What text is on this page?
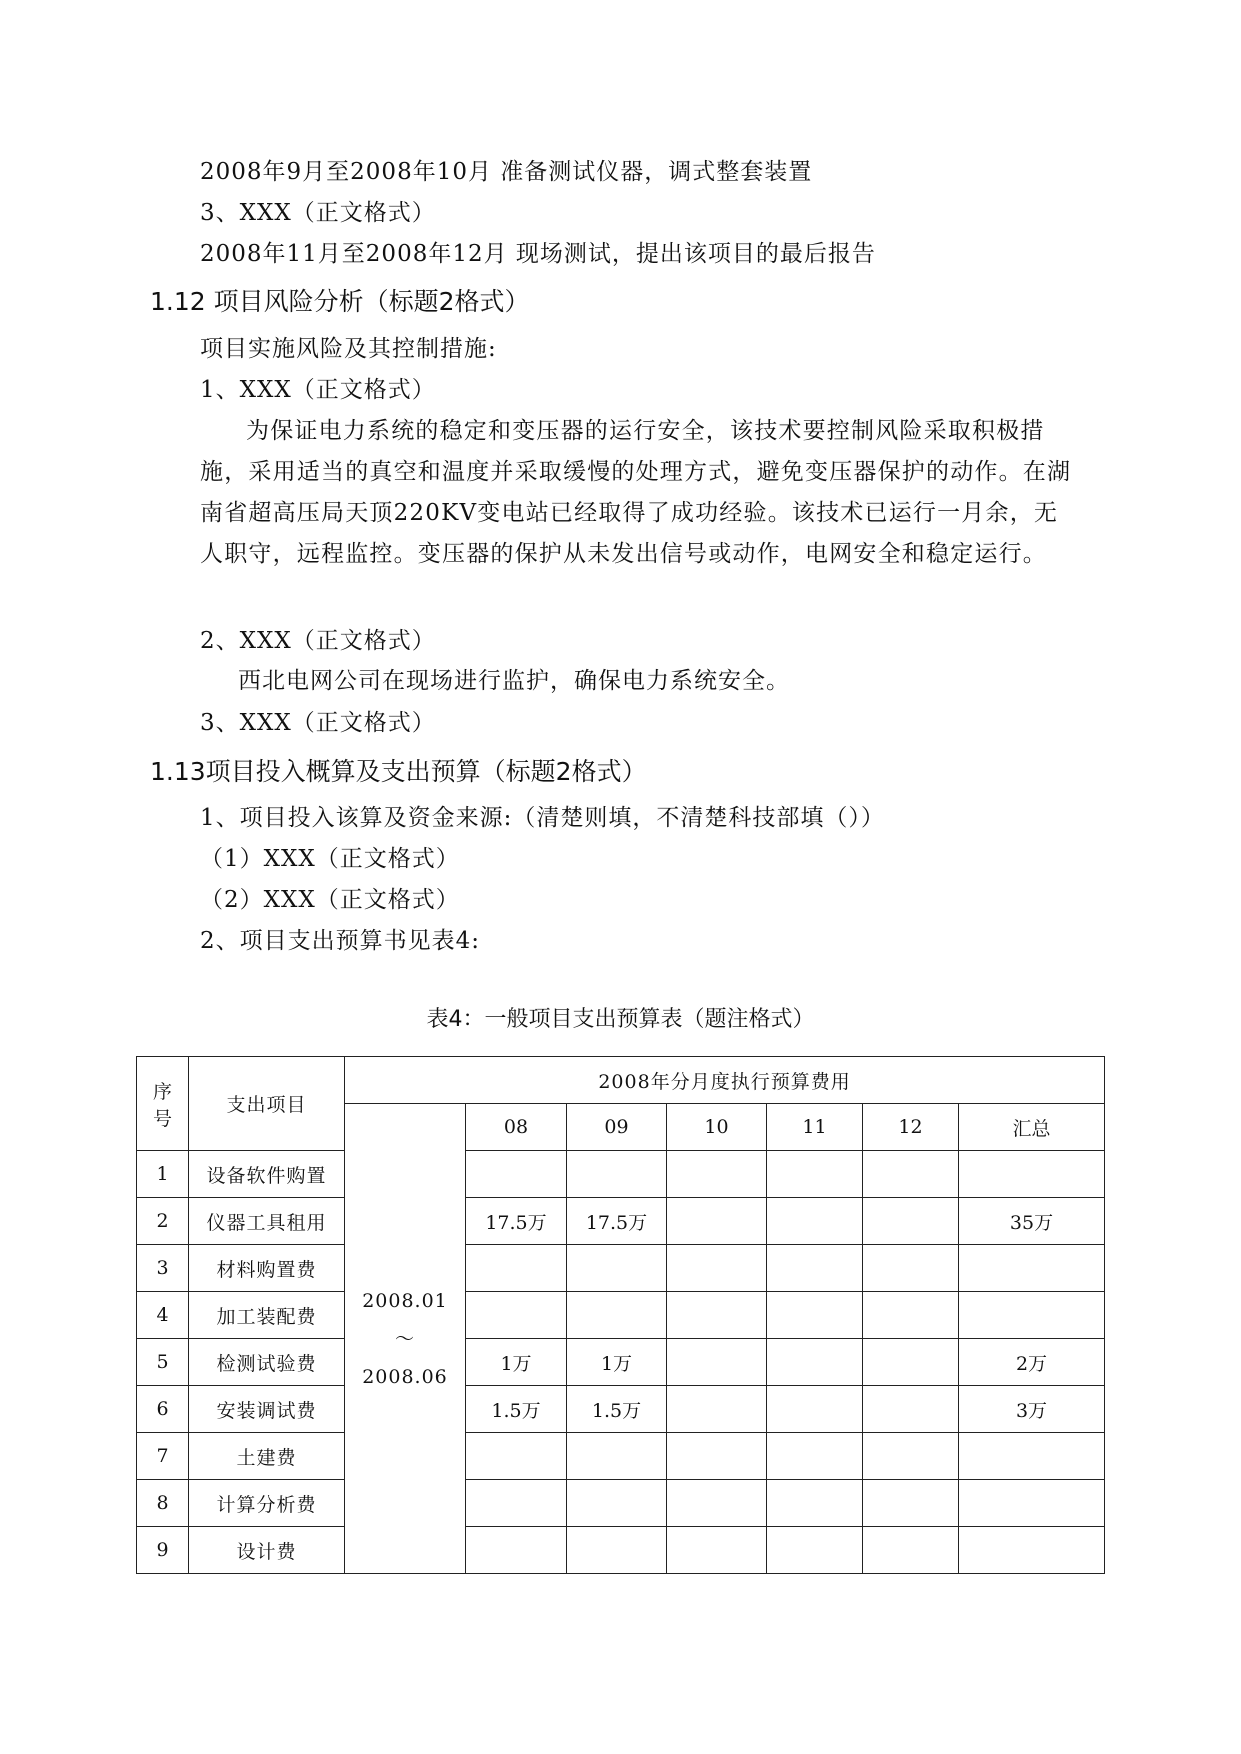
2008年9月至2008年10月 准备测试仪器，调式整套装置
3、XXX（正文格式）
2008年11月至2008年12月 现场测试，提出该项目的最后报告
1.12 项目风险分析（标题2格式）
项目实施风险及其控制措施:
1、XXX（正文格式）
为保证电力系统的稳定和变压器的运行安全，该技术要控制风险采取积极措施，采用适当的真空和温度并采取缓慢的处理方式，避免变压器保护的动作。在湖南省超高压局天顶220KV变电站已经取得了成功经验。该技术已运行一月余，无人职守，远程监控。变压器的保护从未发出信号或动作，电网安全和稳定运行。
2、XXX（正文格式）
西北电网公司在现场进行监护，确保电力系统安全。
3、XXX（正文格式）
1.13项目投入概算及支出预算（标题2格式）
1、项目投入该算及资金来源:（清楚则填，不清楚科技部填（））
（1）XXX（正文格式）
（2）XXX（正文格式）
2、项目支出预算书见表4:
表4：一般项目支出预算表（题注格式）
序号	支出项目	2008年分月度执行预算费用						
		2008.01～2008.06	08	09	10	11	12	汇总
1	设备软件购置							
2	仪器工具租用		17.5万	17.5万				35万
3	材料购置费							
4	加工装配费							
5	检测试验费		1万	1万				2万
6	安装调试费		1.5万	1.5万				3万
7	土建费							
8	计算分析费							
9	设计费							
